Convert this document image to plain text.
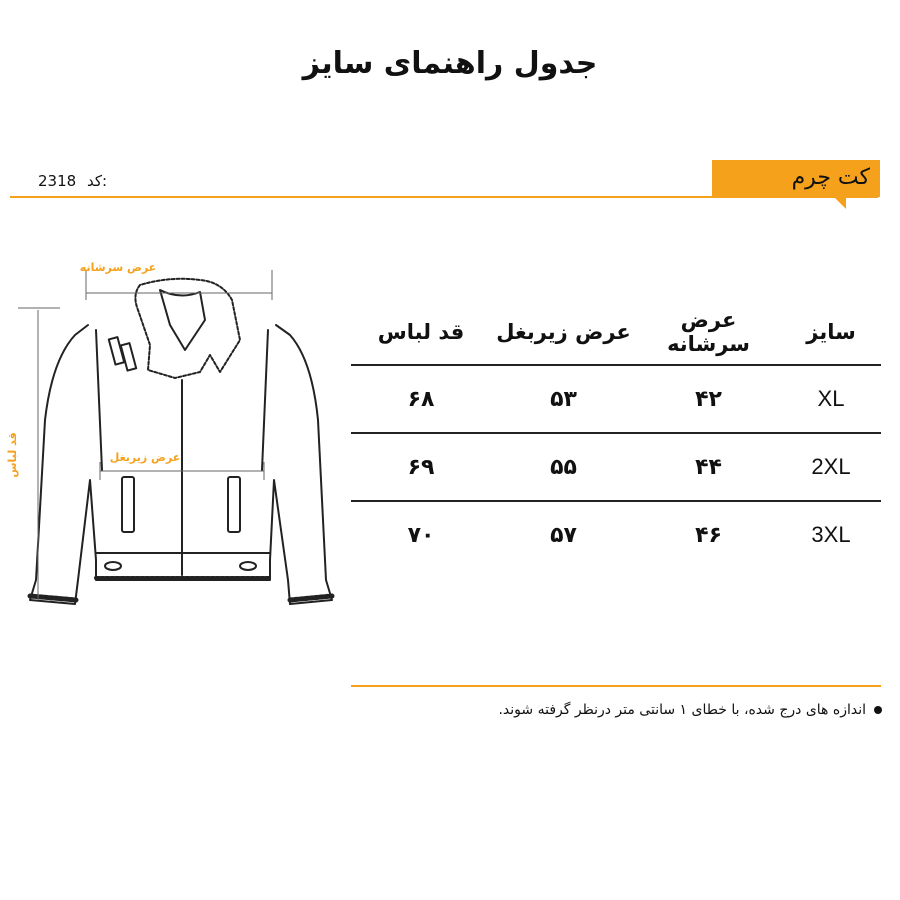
جدول راهنمای سایز
کت چرم
2318 کد:
عرض سرشانه
عرض زیربغل
قد لباس
سایز	عرض سرشانه	عرض زیربغل	قد لباس
XL	۴۲	۵۳	۶۸
2XL	۴۴	۵۵	۶۹
3XL	۴۶	۵۷	۷۰
اندازه های درج شده، با خطای ۱ سانتی متر درنظر گرفته شوند.
